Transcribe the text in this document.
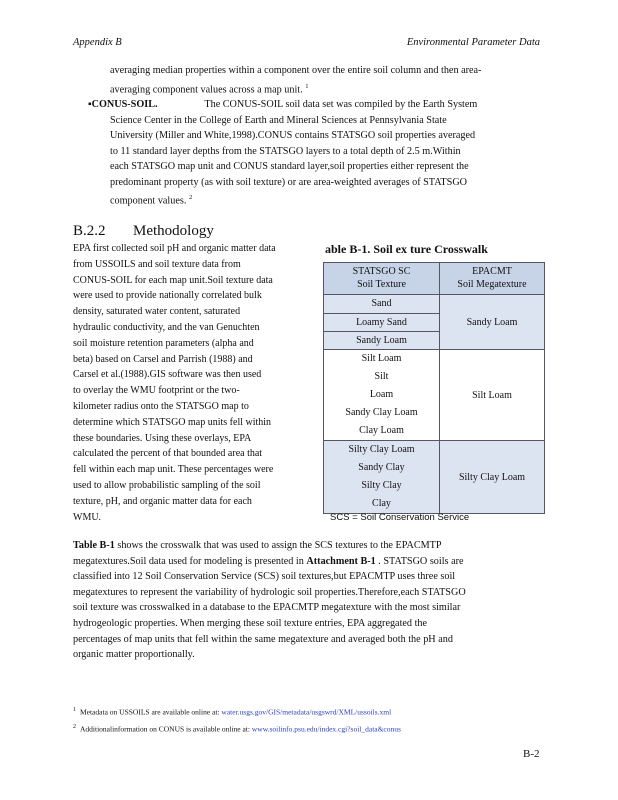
Appendix B	Environmental Parameter Data
averaging median properties within a component over the entire soil column and then area-
averaging component values across a map unit. $^1$
▪CONUS-SOIL.	The CONUS-SOIL soil data set was compiled by the Earth System
Science Center in the College of Earth and Mineral Sciences at Pennsylvania State
University (Miller and White,1998).CONUS contains STATSGO soil properties averaged
to 11 standard layer depths from the STATSGO layers to a total depth of 2.5 m.Within
each STATSGO map unit and CONUS standard layer,soil properties either represent the
predominant property (as with soil texture) or are area-weighted averages of STATSGO
component values. $^2$
B.2.2 Methodology
EPA first collected soil pH and organic matter data
from USSOILS and soil texture data from
CONUS-SOIL for each map unit.Soil texture data
were used to provide nationally correlated bulk
density, saturated water content, saturated
hydraulic conductivity, and the van Genuchten
soil moisture retention parameters (alpha and
beta) based on Carsel and Parrish (1988) and
Carsel et al.(1988).GIS software was then used
to overlay the WMU footprint or the two-
kilometer radius onto the STATSGO map to
determine which STATSGO map units fell within
these boundaries. Using these overlays, EPA
calculated the percent of that bounded area that
fell within each map unit. These percentages were
used to allow probabilistic sampling of the soil
texture, pH, and organic matter data for each
WMU.
able B-1. Soil ex ture Crosswalk
STATSGO SC
Soil Texture
EPACMT
Soil Megatexture
Sand
Loamy Sand
Sandy Loam
Sandy Loam
Silt Loam
Silt
Loam
Sandy Clay Loam
Clay Loam
Silt Loam
Silty Clay Loam
Sandy Clay
Silty Clay
Clay
Silty Clay Loam
SCS = Soil Conservation Service
Table B-1 shows the crosswalk that was used to assign the SCS textures to the EPACMTP
megatextures.Soil data used for modeling is presented in Attachment B-1 . STATSGO soils are
classified into 12 Soil Conservation Service (SCS) soil textures,but EPACMTP uses three soil
megatextures to represent the variability of hydrologic soil properties.Therefore,each STATSGO
soil texture was crosswalked in a database to the EPACMTP megatexture with the most similar
hydrogeologic properties. When merging these soil texture entries, EPA aggregated the
percentages of map units that fell within the same megatexture and averaged both the pH and
organic matter proportionally.
$^1$ Metadata on USSOILS are available online at: water.usgs.gov/GIS/metadata/usgswrd/XML/ussoils.xml
$^2$ Additionalinformation on CONUS is available online at: www.soilinfo.psu.edu/index.cgi?soil_data&conus
B-2
